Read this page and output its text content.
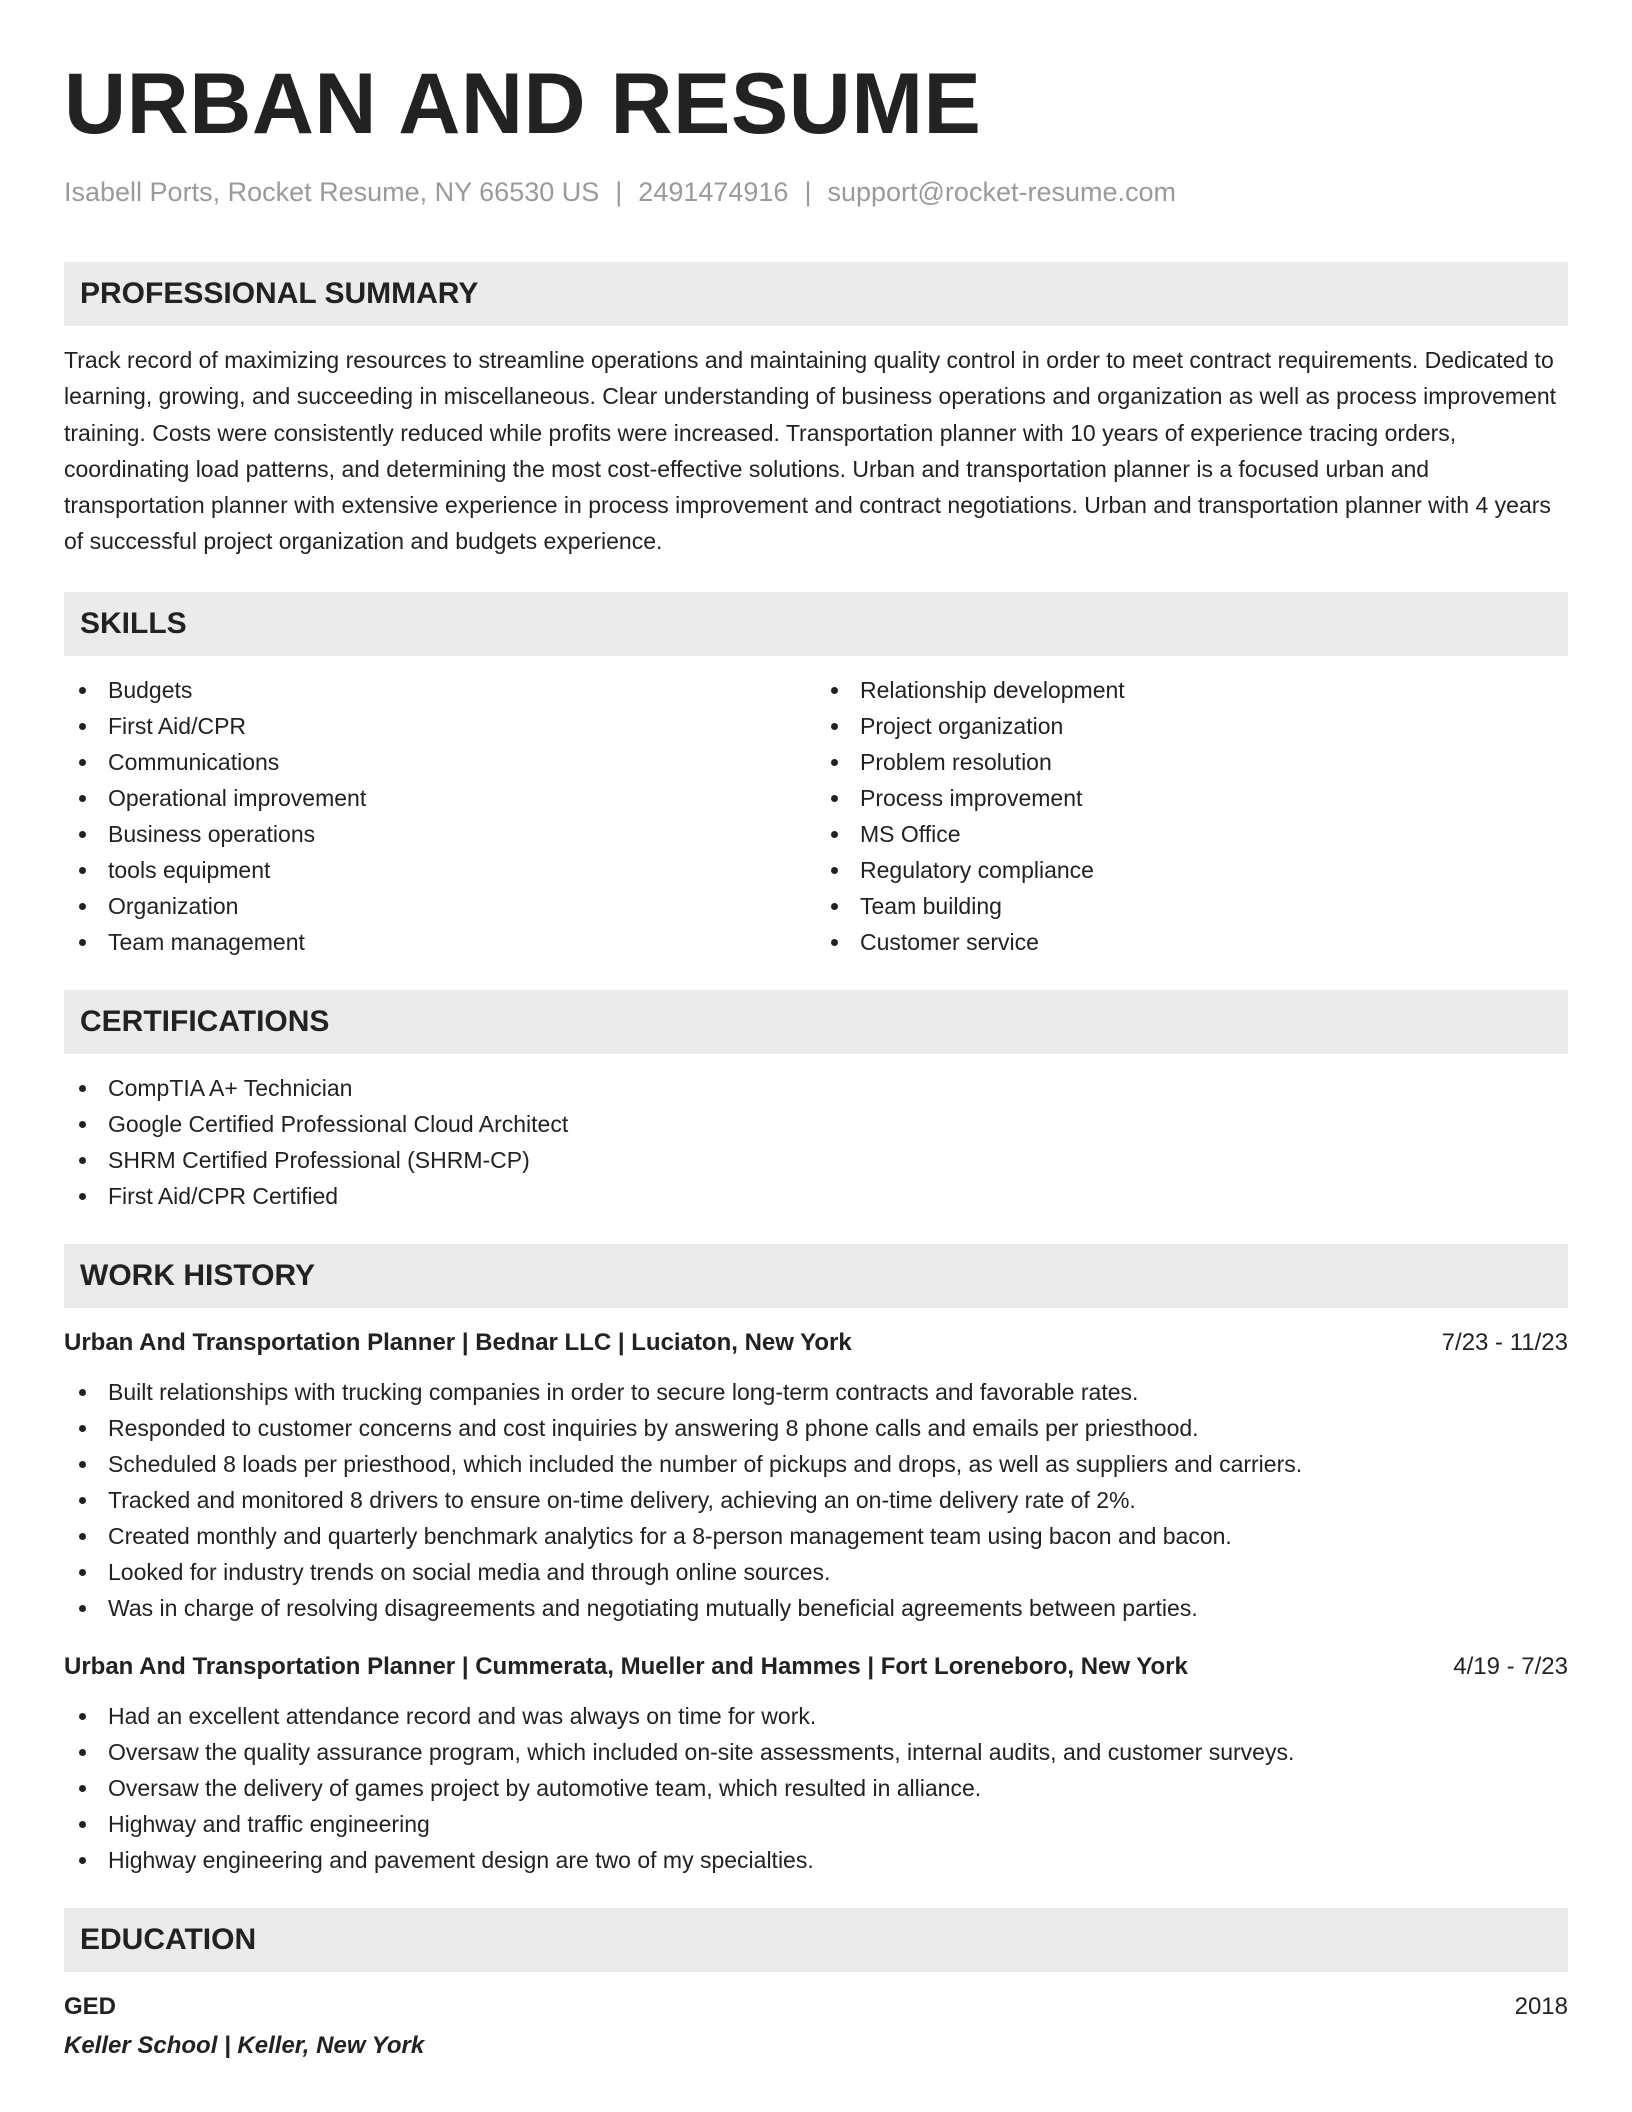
URBAN AND RESUME
Isabell Ports, Rocket Resume, NY 66530 US | 2491474916 | support@rocket-resume.com
PROFESSIONAL SUMMARY
Track record of maximizing resources to streamline operations and maintaining quality control in order to meet contract requirements. Dedicated to learning, growing, and succeeding in miscellaneous. Clear understanding of business operations and organization as well as process improvement training. Costs were consistently reduced while profits were increased. Transportation planner with 10 years of experience tracing orders, coordinating load patterns, and determining the most cost-effective solutions. Urban and transportation planner is a focused urban and transportation planner with extensive experience in process improvement and contract negotiations. Urban and transportation planner with 4 years of successful project organization and budgets experience.
SKILLS
Budgets
First Aid/CPR
Communications
Operational improvement
Business operations
tools equipment
Organization
Team management
Relationship development
Project organization
Problem resolution
Process improvement
MS Office
Regulatory compliance
Team building
Customer service
CERTIFICATIONS
CompTIA A+ Technician
Google Certified Professional Cloud Architect
SHRM Certified Professional (SHRM-CP)
First Aid/CPR Certified
WORK HISTORY
Urban And Transportation Planner | Bednar LLC | Luciaton, New York	7/23 - 11/23
Built relationships with trucking companies in order to secure long-term contracts and favorable rates.
Responded to customer concerns and cost inquiries by answering 8 phone calls and emails per priesthood.
Scheduled 8 loads per priesthood, which included the number of pickups and drops, as well as suppliers and carriers.
Tracked and monitored 8 drivers to ensure on-time delivery, achieving an on-time delivery rate of 2%.
Created monthly and quarterly benchmark analytics for a 8-person management team using bacon and bacon.
Looked for industry trends on social media and through online sources.
Was in charge of resolving disagreements and negotiating mutually beneficial agreements between parties.
Urban And Transportation Planner | Cummerata, Mueller and Hammes | Fort Loreneboro, New York	4/19 - 7/23
Had an excellent attendance record and was always on time for work.
Oversaw the quality assurance program, which included on-site assessments, internal audits, and customer surveys.
Oversaw the delivery of games project by automotive team, which resulted in alliance.
Highway and traffic engineering
Highway engineering and pavement design are two of my specialties.
EDUCATION
GED	2018
Keller School | Keller, New York
